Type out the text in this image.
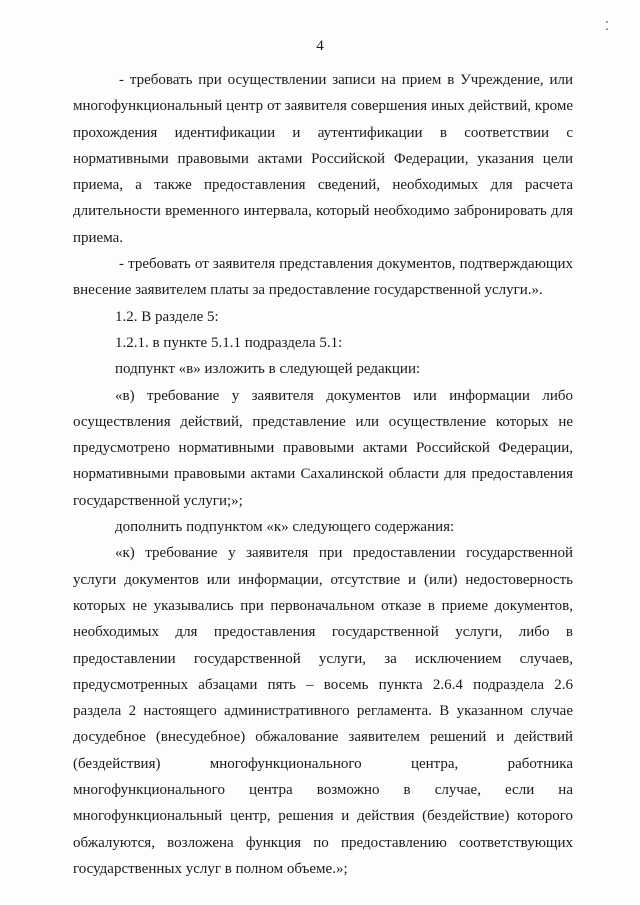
⁚
4

- требовать при осуществлении записи на прием в Учреждение, или многофункциональный центр от заявителя совершения иных действий, кроме прохождения идентификации и аутентификации в соответствии с нормативными правовыми актами Российской Федерации, указания цели приема, а также предоставления сведений, необходимых для расчета длительности временного интервала, который необходимо забронировать для приема.

- требовать от заявителя представления документов, подтверждающих внесение заявителем платы за предоставление государственной услуги.».

1.2. В разделе 5:

1.2.1. в пункте 5.1.1 подраздела 5.1:

подпункт «в» изложить в следующей редакции:

«в) требование у заявителя документов или информации либо осуществления действий, представление или осуществление которых не предусмотрено нормативными правовыми актами Российской Федерации, нормативными правовыми актами Сахалинской области для предоставления государственной услуги;»;

дополнить подпунктом «к» следующего содержания:

«к) требование у заявителя при предоставлении государственной услуги документов или информации, отсутствие и (или) недостоверность которых не указывались при первоначальном отказе в приеме документов, необходимых для предоставления государственной услуги, либо в предоставлении государственной услуги, за исключением случаев, предусмотренных абзацами пять – восемь пункта 2.6.4 подраздела 2.6 раздела 2 настоящего административного регламента. В указанном случае досудебное (внесудебное) обжалование заявителем решений и действий (бездействия) многофункционального центра, работника многофункционального центра возможно в случае, если на многофункциональный центр, решения и действия (бездействие) которого обжалуются, возложена функция по предоставлению соответствующих государственных услуг в полном объеме.»;
